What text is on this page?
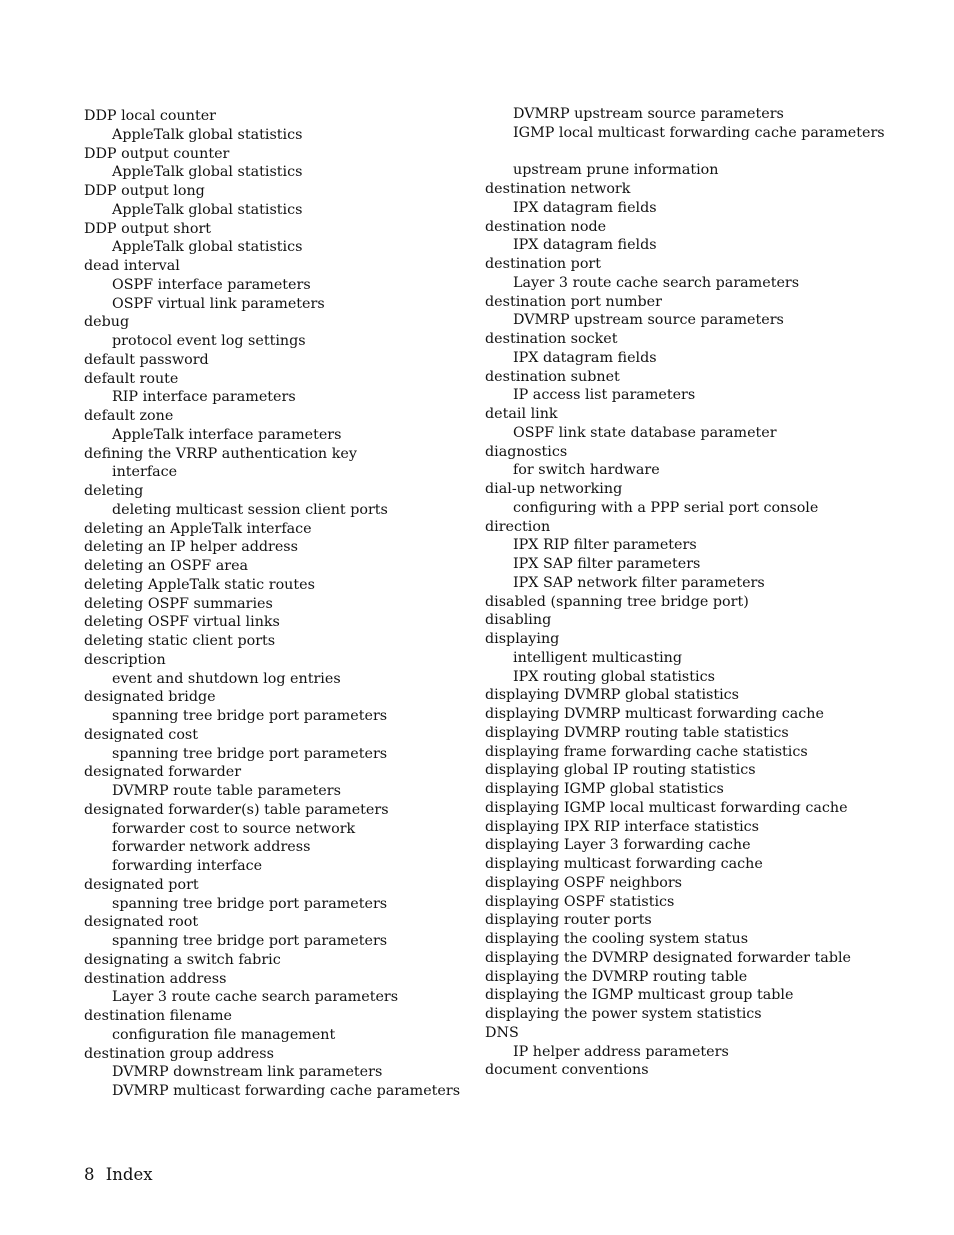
DDP local counter
AppleTalk global statistics
DDP output counter
AppleTalk global statistics
DDP output long
AppleTalk global statistics
DDP output short
AppleTalk global statistics
dead interval
OSPF interface parameters
OSPF virtual link parameters
debug
protocol event log settings
default password
default route
RIP interface parameters
default zone
AppleTalk interface parameters
defining the VRRP authentication key
interface
deleting
deleting multicast session client ports
deleting an AppleTalk interface
deleting an IP helper address
deleting an OSPF area
deleting AppleTalk static routes
deleting OSPF summaries
deleting OSPF virtual links
deleting static client ports
description
event and shutdown log entries
designated bridge
spanning tree bridge port parameters
designated cost
spanning tree bridge port parameters
designated forwarder
DVMRP route table parameters
designated forwarder(s) table parameters
forwarder cost to source network
forwarder network address
forwarding interface
designated port
spanning tree bridge port parameters
designated root
spanning tree bridge port parameters
designating a switch fabric
destination address
Layer 3 route cache search parameters
destination filename
configuration file management
destination group address
DVMRP downstream link parameters
DVMRP multicast forwarding cache parameters
DVMRP upstream source parameters
IGMP local multicast forwarding cache parameters
upstream prune information
destination network
IPX datagram fields
destination node
IPX datagram fields
destination port
Layer 3 route cache search parameters
destination port number
DVMRP upstream source parameters
destination socket
IPX datagram fields
destination subnet
IP access list parameters
detail link
OSPF link state database parameter
diagnostics
for switch hardware
dial-up networking
configuring with a PPP serial port console
direction
IPX RIP filter parameters
IPX SAP filter parameters
IPX SAP network filter parameters
disabled (spanning tree bridge port)
disabling
displaying
intelligent multicasting
IPX routing global statistics
displaying DVMRP global statistics
displaying DVMRP multicast forwarding cache
displaying DVMRP routing table statistics
displaying frame forwarding cache statistics
displaying global IP routing statistics
displaying IGMP global statistics
displaying IGMP local multicast forwarding cache
displaying IPX RIP interface statistics
displaying Layer 3 forwarding cache
displaying multicast forwarding cache
displaying OSPF neighbors
displaying OSPF statistics
displaying router ports
displaying the cooling system status
displaying the DVMRP designated forwarder table
displaying the DVMRP routing table
displaying the IGMP multicast group table
displaying the power system statistics
DNS
IP helper address parameters
document conventions
8 Index
